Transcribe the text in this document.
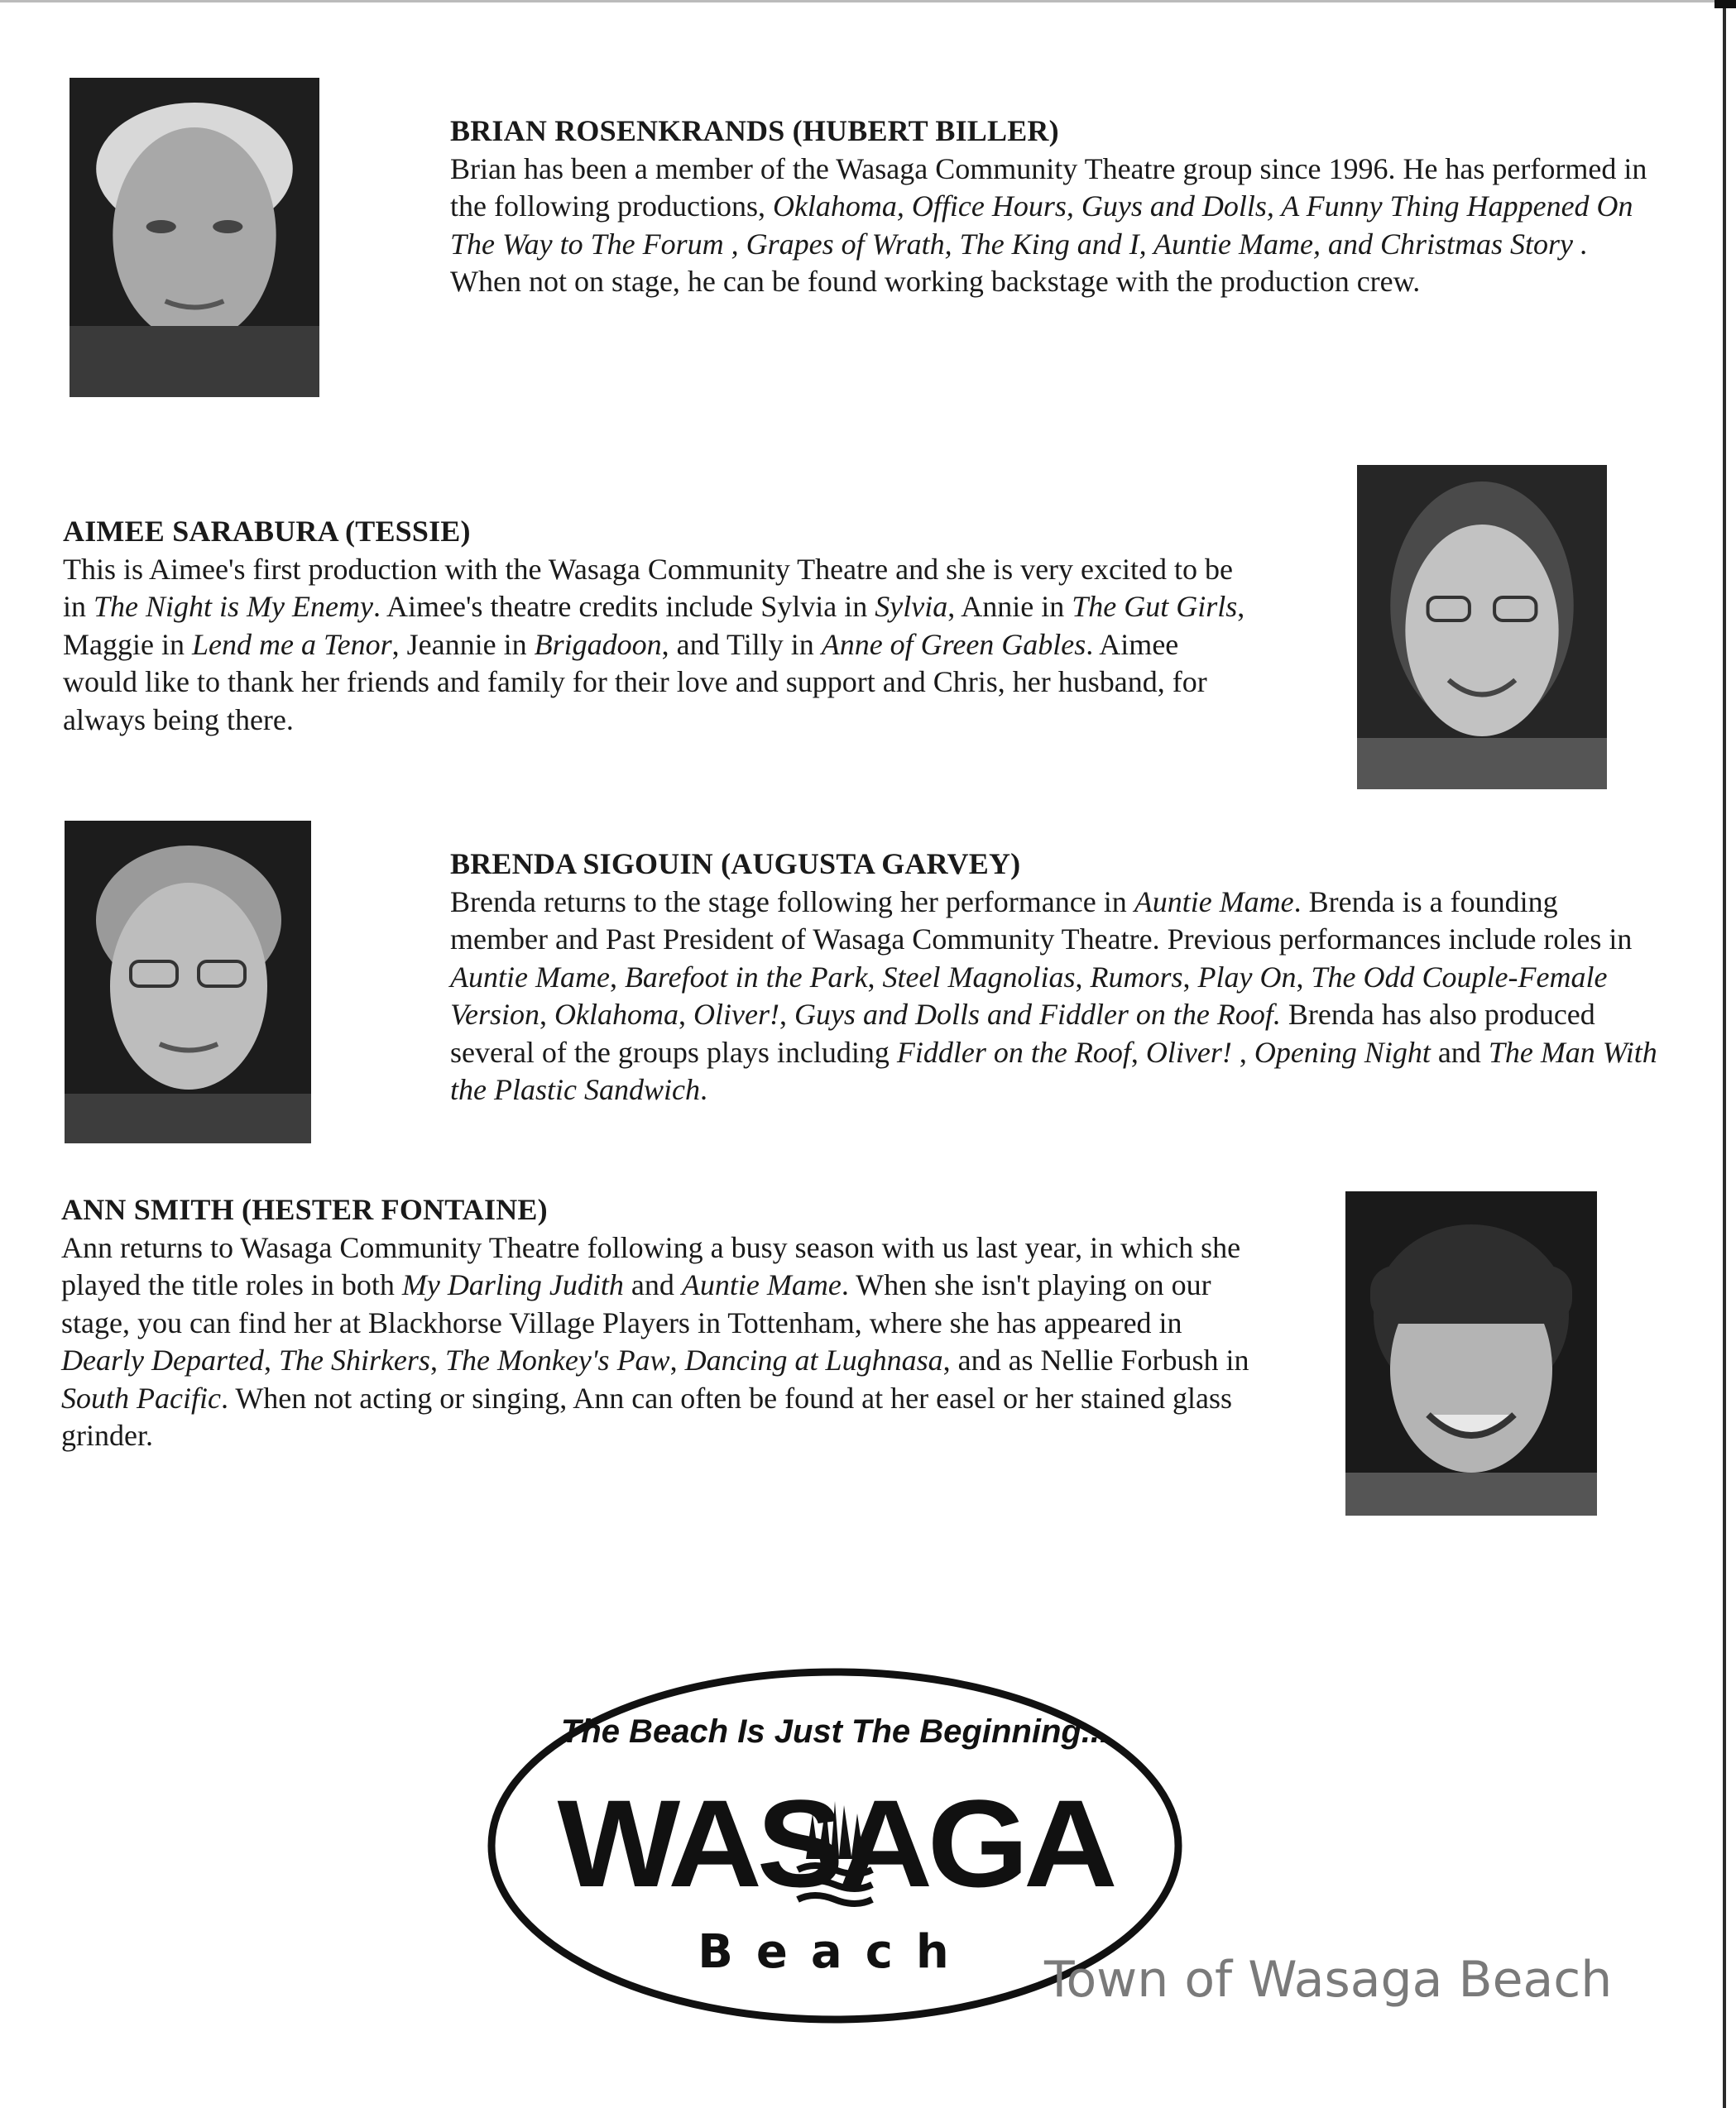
BRIAN ROSENKRANDS (HUBERT BILLER)

Brian has been a member of the Wasaga Community Theatre group since 1996. He has performed in the following productions, Oklahoma, Office Hours, Guys and Dolls, A Funny Thing Happened On The Way to The Forum , Grapes of Wrath, The King and I, Auntie Mame, and Christmas Story . When not on stage, he can be found working backstage with the production crew.

AIMEE SARABURA (TESSIE)

This is Aimee's first production with the Wasaga Community Theatre and she is very excited to be in The Night is My Enemy. Aimee's theatre credits include Sylvia in Sylvia, Annie in The Gut Girls, Maggie in Lend me a Tenor, Jeannie in Brigadoon, and Tilly in Anne of Green Gables. Aimee would like to thank her friends and family for their love and support and Chris, her husband, for always being there.

BRENDA SIGOUIN (AUGUSTA GARVEY)

Brenda returns to the stage following her performance in Auntie Mame. Brenda is a founding member and Past President of Wasaga Community Theatre. Previous performances include roles in Auntie Mame, Barefoot in the Park, Steel Magnolias, Rumors, Play On, The Odd Couple-Female Version, Oklahoma, Oliver!, Guys and Dolls and Fiddler on the Roof. Brenda has also produced several of the groups plays including Fiddler on the Roof, Oliver! , Opening Night and The Man With the Plastic Sandwich.

ANN SMITH (HESTER FONTAINE)

Ann returns to Wasaga Community Theatre following a busy season with us last year, in which she played the title roles in both My Darling Judith and Auntie Mame. When she isn't playing on our stage, you can find her at Blackhorse Village Players in Tottenham, where she has appeared in Dearly Departed, The Shirkers, The Monkey's Paw, Dancing at Lughnasa, and as Nellie Forbush in South Pacific. When not acting or singing, Ann can often be found at her easel or her stained glass grinder.

The Beach Is Just The Beginning...
WASAGA
Beach Town of Wasaga Beach
